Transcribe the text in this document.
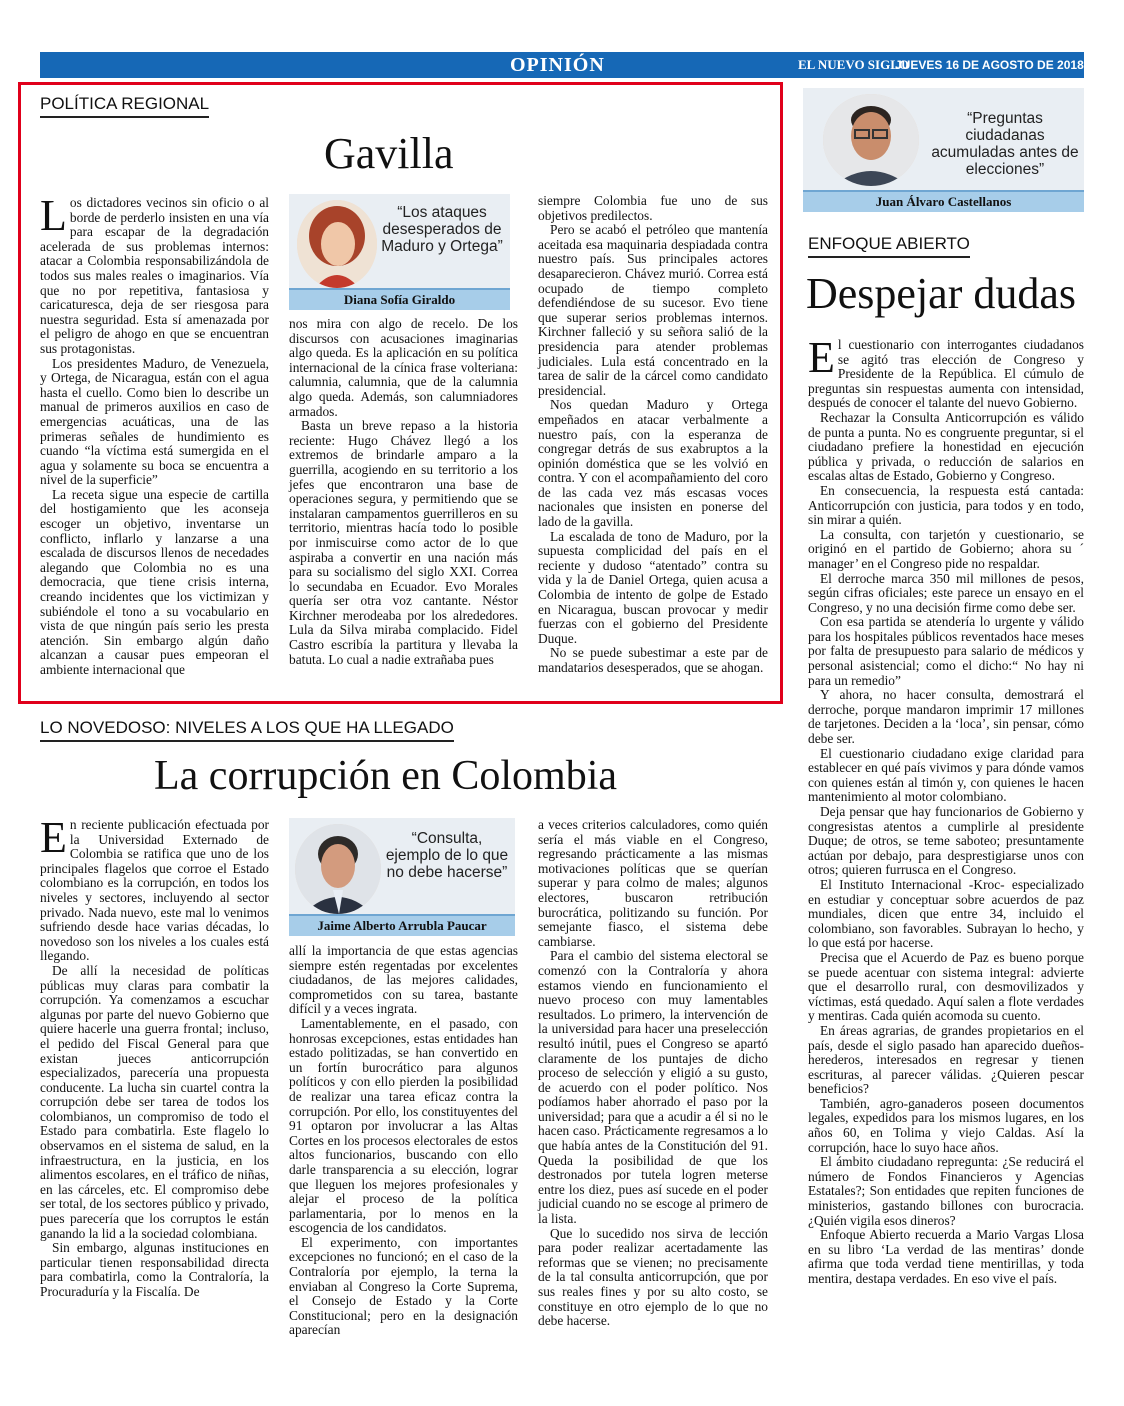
OPINIÓN	EL NUEVO SIGLO
JUEVES 16 DE AGOSTO DE 2018 9A
POLÍTICA REGIONAL
Gavilla

Los dictadores vecinos sin oficio o al borde de perderlo insisten en una vía para escapar de la degradación acelerada de sus problemas internos: atacar a Colombia responsabilizándola de todos sus males reales o imaginarios. Vía que no por repetitiva, fantasiosa y caricaturesca, deja de ser riesgosa para nuestra seguridad. Esta sí amenazada por el peligro de ahogo en que se encuentran sus protagonistas.

Los presidentes Maduro, de Venezuela, y Ortega, de Nicaragua, están con el agua hasta el cuello. Como bien lo describe un manual de primeros auxilios en caso de emergencias acuáticas, una de las primeras señales de hundimiento es cuando “la víctima está sumergida en el agua y solamente su boca se encuentra a nivel de la superficie”

La receta sigue una especie de cartilla del hostigamiento que les aconseja escoger un objetivo, inventarse un conflicto, inflarlo y lanzarse a una escalada de discursos llenos de necedades alegando que Colombia no es una democracia, que tiene crisis interna, creando incidentes que los victimizan y subiéndole el tono a su vocabulario en vista de que ningún país serio les presta atención. Sin embargo algún daño alcanzan a causar pues empeoran el ambiente internacional que

“Los ataques desesperados de Maduro y Ortega”
Diana Sofía Giraldo

nos mira con algo de recelo. De los discursos con acusaciones imaginarias algo queda. Es la aplicación en su política internacional de la cínica frase volteriana: calumnia, calumnia, que de la calumnia algo queda. Además, son calumniadores armados.

Basta un breve repaso a la historia reciente: Hugo Chávez llegó a los extremos de brindarle amparo a la guerrilla, acogiendo en su territorio a los jefes que encontraron una base de operaciones segura, y permitiendo que se instalaran campamentos guerrilleros en su territorio, mientras hacía todo lo posible por inmiscuirse como actor de lo que aspiraba a convertir en una nación más para su socialismo del siglo XXI. Correa lo secundaba en Ecuador. Evo Morales quería ser otra voz cantante. Néstor Kirchner merodeaba por los alrededores. Lula da Silva miraba complacido. Fidel Castro escribía la partitura y llevaba la batuta. Lo cual a nadie extrañaba pues

siempre Colombia fue uno de sus objetivos predilectos.

Pero se acabó el petróleo que mantenía aceitada esa maquinaria despiadada contra nuestro país. Sus principales actores desaparecieron. Chávez murió. Correa está ocupado de tiempo completo defendiéndose de su sucesor. Evo tiene que superar serios problemas internos. Kirchner falleció y su señora salió de la presidencia para atender problemas judiciales. Lula está concentrado en la tarea de salir de la cárcel como candidato presidencial.

Nos quedan Maduro y Ortega empeñados en atacar verbalmente a nuestro país, con la esperanza de congregar detrás de sus exabruptos a la opinión doméstica que se les volvió en contra. Y con el acompañamiento del coro de las cada vez más escasas voces nacionales que insisten en ponerse del lado de la gavilla.

La escalada de tono de Maduro, por la supuesta complicidad del país en el reciente y dudoso “atentado” contra su vida y la de Daniel Ortega, quien acusa a Colombia de intento de golpe de Estado en Nicaragua, buscan provocar y medir fuerzas con el gobierno del Presidente Duque.

No se puede subestimar a este par de mandatarios desesperados, que se ahogan.

LO NOVEDOSO: NIVELES A LOS QUE HA LLEGADO
La corrupción en Colombia

En reciente publicación efectuada por la Universidad Externado de Colombia se ratifica que uno de los principales flagelos que corroe el Estado colombiano es la corrupción, en todos los niveles y sectores, incluyendo al sector privado. Nada nuevo, este mal lo venimos sufriendo desde hace varias décadas, lo novedoso son los niveles a los cuales está llegando.

De allí la necesidad de políticas públicas muy claras para combatir la corrupción. Ya comenzamos a escuchar algunas por parte del nuevo Gobierno que quiere hacerle una guerra frontal; incluso, el pedido del Fiscal General para que existan jueces anticorrupción especializados, parecería una propuesta conducente. La lucha sin cuartel contra la corrupción debe ser tarea de todos los colombianos, un compromiso de todo el Estado para combatirla. Este flagelo lo observamos en el sistema de salud, en la infraestructura, en la justicia, en los alimentos escolares, en el tráfico de niñas, en las cárceles, etc. El compromiso debe ser total, de los sectores público y privado, pues parecería que los corruptos le están ganando la lid a la sociedad colombiana.

Sin embargo, algunas instituciones en particular tienen responsabilidad directa para combatirla, como la Contraloría, la Procuraduría y la Fiscalía. De

“Consulta, ejemplo de lo que no debe hacerse”
Jaime Alberto Arrubla Paucar

allí la importancia de que estas agencias siempre estén regentadas por excelentes ciudadanos, de las mejores calidades, comprometidos con su tarea, bastante difícil y a veces ingrata.

Lamentablemente, en el pasado, con honrosas excepciones, estas entidades han estado politizadas, se han convertido en un fortín burocrático para algunos políticos y con ello pierden la posibilidad de realizar una tarea eficaz contra la corrupción. Por ello, los constituyentes del 91 optaron por involucrar a las Altas Cortes en los procesos electorales de estos altos funcionarios, buscando con ello darle transparencia a su elección, lograr que lleguen los mejores profesionales y alejar el proceso de la política parlamentaria, por lo menos en la escogencia de los candidatos.

El experimento, con importantes excepciones no funcionó; en el caso de la Contraloría por ejemplo, la terna la enviaban al Congreso la Corte Suprema, el Consejo de Estado y la Corte Constitucional; pero en la designación aparecían

a veces criterios calculadores, como quién sería el más viable en el Congreso, regresando prácticamente a las mismas motivaciones políticas que se querían superar y para colmo de males; algunos electores, buscaron retribución burocrática, politizando su función. Por semejante fiasco, el sistema debe cambiarse.

Para el cambio del sistema electoral se comenzó con la Contraloría y ahora estamos viendo en funcionamiento el nuevo proceso con muy lamentables resultados. Lo primero, la intervención de la universidad para hacer una preselección resultó inútil, pues el Congreso se apartó claramente de los puntajes de dicho proceso de selección y eligió a su gusto, de acuerdo con el poder político. Nos podíamos haber ahorrado el paso por la universidad; para que a acudir a él si no le hacen caso. Prácticamente regresamos a lo que había antes de la Constitución del 91. Queda la posibilidad de que los destronados por tutela logren meterse entre los diez, pues así sucede en el poder judicial cuando no se escoge al primero de la lista.

Que lo sucedido nos sirva de lección para poder realizar acertadamente las reformas que se vienen; no precisamente de la tal consulta anticorrupción, que por sus reales fines y por su alto costo, se constituye en otro ejemplo de lo que no debe hacerse.

“Preguntas ciudadanas acumuladas antes de elecciones”
Juan Álvaro Castellanos
ENFOQUE ABIERTO
Despejar dudas

El cuestionario con interrogantes ciudadanos se agitó tras elección de Congreso y Presidente de la República. El cúmulo de preguntas sin respuestas aumenta con intensidad, después de conocer el talante del nuevo Gobierno.

Rechazar la Consulta Anticorrupción es válido de punta a punta. No es congruente preguntar, si el ciudadano prefiere la honestidad en ejecución pública y privada, o reducción de salarios en escalas altas de Estado, Gobierno y Congreso.

En consecuencia, la respuesta está cantada: Anticorrupción con justicia, para todos y en todo, sin mirar a quién.

La consulta, con tarjetón y cuestionario, se originó en el partido de Gobierno; ahora su ´ manager’ en el Congreso pide no respaldar.

El derroche marca 350 mil millones de pesos, según cifras oficiales; este parece un ensayo en el Congreso, y no una decisión firme como debe ser.

Con esa partida se atendería lo urgente y válido para los hospitales públicos reventados hace meses por falta de presupuesto para salario de médicos y personal asistencial; como el dicho:“ No hay ni para un remedio”

Y ahora, no hacer consulta, demostrará el derroche, porque mandaron imprimir 17 millones de tarjetones. Deciden a la ‘loca’, sin pensar, cómo debe ser.

El cuestionario ciudadano exige claridad para establecer en qué país vivimos y para dónde vamos con quienes están al timón y, con quienes le hacen mantenimiento al motor colombiano.

Deja pensar que hay funcionarios de Gobierno y congresistas atentos a cumplirle al presidente Duque; de otros, se teme saboteo; presuntamente actúan por debajo, para desprestigiarse unos con otros; quieren furrusca en el Congreso.

El Instituto Internacional -Kroc- especializado en estudiar y conceptuar sobre acuerdos de paz mundiales, dicen que entre 34, incluido el colombiano, son favorables. Subrayan lo hecho, y lo que está por hacerse.

Precisa que el Acuerdo de Paz es bueno porque se puede acentuar con sistema integral: advierte que el desarrollo rural, con desmovilizados y víctimas, está quedado. Aquí salen a flote verdades y mentiras. Cada quién acomoda su cuento.

En áreas agrarias, de grandes propietarios en el país, desde el siglo pasado han aparecido dueños-herederos, interesados en regresar y tienen escrituras, al parecer válidas. ¿Quieren pescar beneficios?

También, agro-ganaderos poseen documentos legales, expedidos para los mismos lugares, en los años 60, en Tolima y viejo Caldas. Así la corrupción, hace lo suyo hace años.

El ámbito ciudadano repregunta: ¿Se reducirá el número de Fondos Financieros y Agencias Estatales?; Son entidades que repiten funciones de ministerios, gastando billones con burocracia. ¿Quién vigila esos dineros?

Enfoque Abierto recuerda a Mario Vargas Llosa en su libro ‘La verdad de las mentiras’ donde afirma que toda verdad tiene mentirillas, y toda mentira, destapa verdades. En eso vive el país.
